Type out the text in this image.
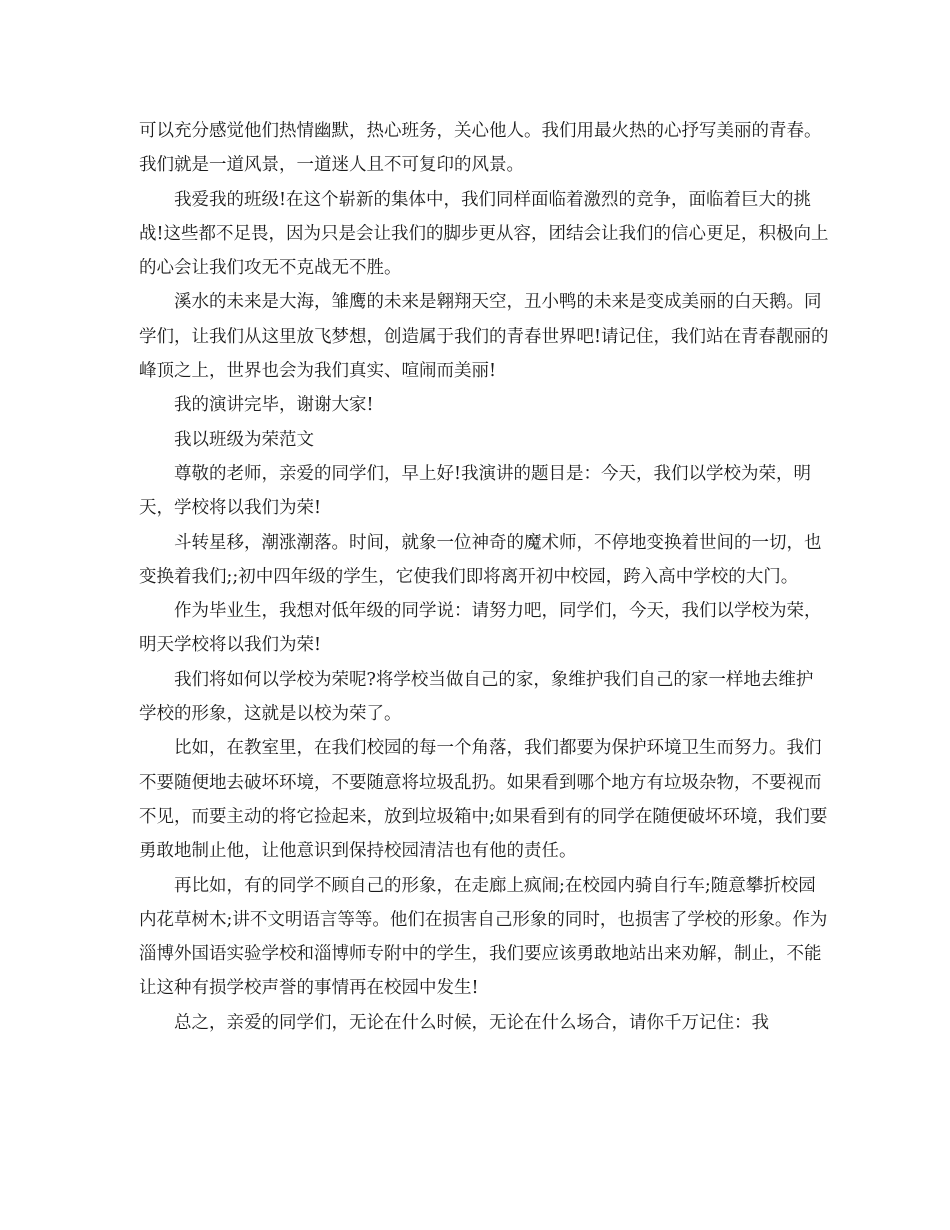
可以充分感觉他们热情幽默，热心班务，关心他人。我们用最火热的心抒写美丽的青春。我们就是一道风景，一道迷人且不可复印的风景。

我爱我的班级!在这个崭新的集体中，我们同样面临着激烈的竞争，面临着巨大的挑战!这些都不足畏，因为只是会让我们的脚步更从容，团结会让我们的信心更足，积极向上的心会让我们攻无不克战无不胜。

溪水的未来是大海，雏鹰的未来是翱翔天空，丑小鸭的未来是变成美丽的白天鹅。同学们，让我们从这里放飞梦想，创造属于我们的青春世界吧!请记住，我们站在青春靓丽的峰顶之上，世界也会为我们真实、喧闹而美丽!

我的演讲完毕，谢谢大家!

我以班级为荣范文

尊敬的老师，亲爱的同学们，早上好!我演讲的题目是：今天，我们以学校为荣，明天，学校将以我们为荣!

斗转星移，潮涨潮落。时间，就象一位神奇的魔术师，不停地变换着世间的一切，也变换着我们;;初中四年级的学生，它使我们即将离开初中校园，跨入高中学校的大门。

作为毕业生，我想对低年级的同学说：请努力吧，同学们，今天，我们以学校为荣，明天学校将以我们为荣!

我们将如何以学校为荣呢?将学校当做自己的家，象维护我们自己的家一样地去维护学校的形象，这就是以校为荣了。

比如，在教室里，在我们校园的每一个角落，我们都要为保护环境卫生而努力。我们不要随便地去破坏环境，不要随意将垃圾乱扔。如果看到哪个地方有垃圾杂物，不要视而不见，而要主动的将它捡起来，放到垃圾箱中;如果看到有的同学在随便破坏环境，我们要勇敢地制止他，让他意识到保持校园清洁也有他的责任。

再比如，有的同学不顾自己的形象，在走廊上疯闹;在校园内骑自行车;随意攀折校园内花草树木;讲不文明语言等等。他们在损害自己形象的同时，也损害了学校的形象。作为淄博外国语实验学校和淄博师专附中的学生，我们要应该勇敢地站出来劝解，制止，不能让这种有损学校声誉的事情再在校园中发生!

总之，亲爱的同学们，无论在什么时候，无论在什么场合，请你千万记住：我
